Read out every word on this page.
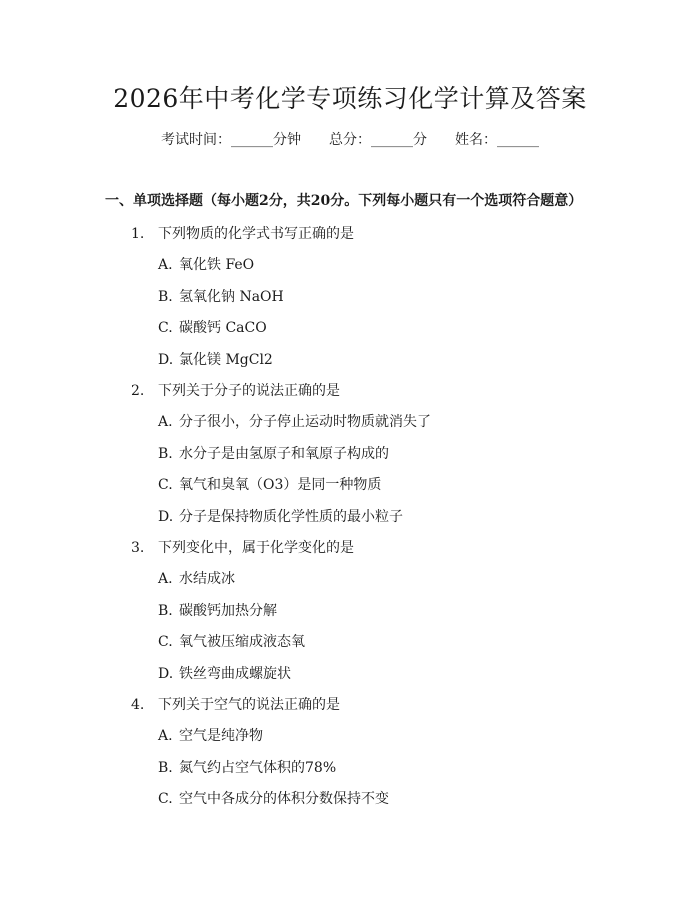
2026年中考化学专项练习化学计算及答案
考试时间：______分钟 总分：______分 姓名：______
一、单项选择题（每小题2分，共20分。下列每小题只有一个选项符合题意）
1. 下列物质的化学式书写正确的是
A. 氧化铁 FeO
B. 氢氧化钠 NaOH
C. 碳酸钙 CaCO
D. 氯化镁 MgCl2
2. 下列关于分子的说法正确的是
A. 分子很小，分子停止运动时物质就消失了
B. 水分子是由氢原子和氧原子构成的
C. 氧气和臭氧（O3）是同一种物质
D. 分子是保持物质化学性质的最小粒子
3. 下列变化中，属于化学变化的是
A. 水结成冰
B. 碳酸钙加热分解
C. 氧气被压缩成液态氧
D. 铁丝弯曲成螺旋状
4. 下列关于空气的说法正确的是
A. 空气是纯净物
B. 氮气约占空气体积的78%
C. 空气中各成分的体积分数保持不变
